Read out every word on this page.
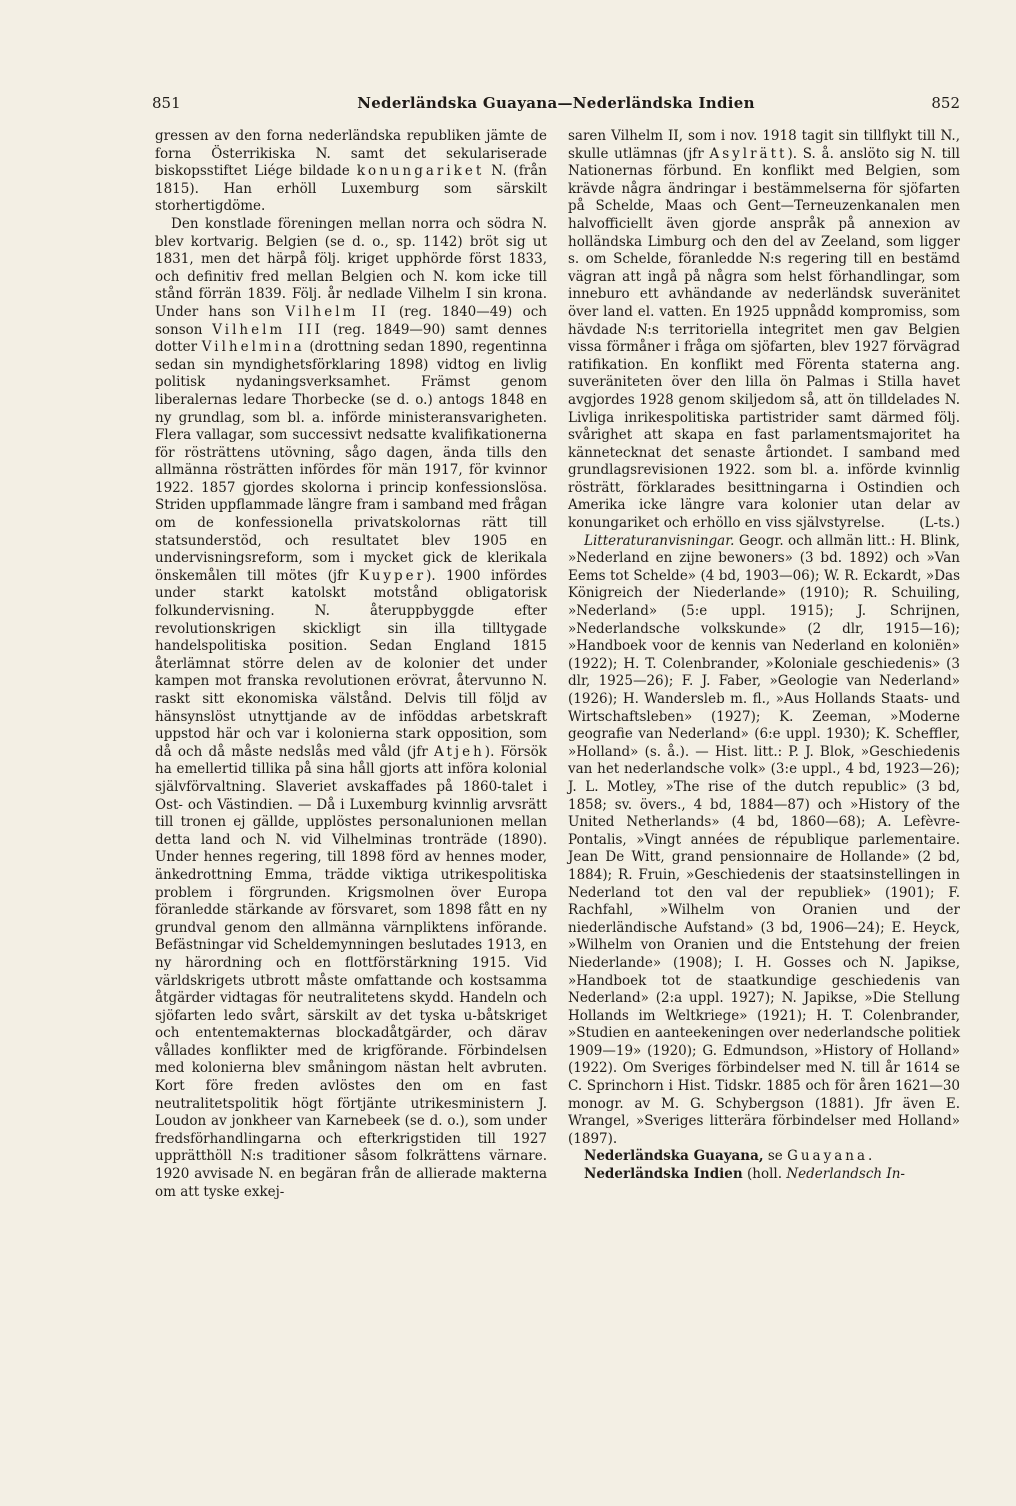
851	Nederländska Guayana—Nederländska Indien	852

gressen av den forna nederländska republiken jämte de forna Österrikiska N. samt det sekulariserade biskopsstiftet Liége bildade konungariket N. (från 1815). Han erhöll Luxemburg som särskilt storhertigdöme.

Den konstlade föreningen mellan norra och södra N. blev kortvarig. Belgien (se d. o., sp. 1142) bröt sig ut 1831, men det härpå följ. kriget upphörde först 1833, och definitiv fred mellan Belgien och N. kom icke till stånd förrän 1839. Följ. år nedlade Vilhelm I sin krona. Under hans son Vilhelm II (reg. 1840—49) och sonson Vilhelm III (reg. 1849—90) samt dennes dotter Vilhelmina (drottning sedan 1890, regentinna sedan sin myndighetsförklaring 1898) vidtog en livlig politisk nydaningsverksamhet. Främst genom liberalernas ledare Thorbecke (se d. o.) antogs 1848 en ny grundlag, som bl. a. införde ministeransvarigheten. Flera vallagar, som successivt nedsatte kvalifikationerna för rösträttens utövning, sågo dagen, ända tills den allmänna rösträtten infördes för män 1917, för kvinnor 1922. 1857 gjordes skolorna i princip konfessionslösa. Striden uppflammade längre fram i samband med frågan om de konfessionella privatskolornas rätt till statsunderstöd, och resultatet blev 1905 en undervisningsreform, som i mycket gick de klerikala önskemålen till mötes (jfr Kuyper). 1900 infördes under starkt katolskt motstånd obligatorisk folkundervisning. N. återuppbyggde efter revolutionskrigen skickligt sin illa tilltygade handelspolitiska position. Sedan England 1815 återlämnat större delen av de kolonier det under kampen mot franska revolutionen erövrat, återvunno N. raskt sitt ekonomiska välstånd. Delvis till följd av hänsynslöst utnyttjande av de inföddas arbetskraft uppstod här och var i kolonierna stark opposition, som då och då måste nedslås med våld (jfr Atjeh). Försök ha emellertid tillika på sina håll gjorts att införa kolonial självförvaltning. Slaveriet avskaffades på 1860-talet i Ost- och Västindien. — Då i Luxemburg kvinnlig arvsrätt till tronen ej gällde, upplöstes personalunionen mellan detta land och N. vid Vilhelminas tronträde (1890). Under hennes regering, till 1898 förd av hennes moder, änkedrottning Emma, trädde viktiga utrikespolitiska problem i förgrunden. Krigsmolnen över Europa föranledde stärkande av försvaret, som 1898 fått en ny grundval genom den allmänna värnpliktens införande. Befästningar vid Scheldemynningen beslutades 1913, en ny härordning och en flottförstärkning 1915. Vid världskrigets utbrott måste omfattande och kostsamma åtgärder vidtagas för neutralitetens skydd. Handeln och sjöfarten ledo svårt, särskilt av det tyska u-båtskriget och ententemakternas blockadåtgärder, och därav vållades konflikter med de krigförande. Förbindelsen med kolonierna blev småningom nästan helt avbruten. Kort före freden avlöstes den om en fast neutralitetspolitik högt förtjänte utrikesministern J. Loudon av jonkheer van Karnebeek (se d. o.), som under fredsförhandlingarna och efterkrigstiden till 1927 upprätthöll N:s traditioner såsom folkrättens värnare. 1920 avvisade N. en begäran från de allierade makterna om att tyske exkej-

saren Vilhelm II, som i nov. 1918 tagit sin tillflykt till N., skulle utlämnas (jfr Asylrätt). S. å. anslöto sig N. till Nationernas förbund. En konflikt med Belgien, som krävde några ändringar i bestämmelserna för sjöfarten på Schelde, Maas och Gent—Terneuzenkanalen men halvofficiellt även gjorde anspråk på annexion av holländska Limburg och den del av Zeeland, som ligger s. om Schelde, föranledde N:s regering till en bestämd vägran att ingå på några som helst förhandlingar, som inneburo ett avhändande av nederländsk suveränitet över land el. vatten. En 1925 uppnådd kompromiss, som hävdade N:s territoriella integritet men gav Belgien vissa förmåner i fråga om sjöfarten, blev 1927 förvägrad ratifikation. En konflikt med Förenta staterna ang. suveräniteten över den lilla ön Palmas i Stilla havet avgjordes 1928 genom skiljedom så, att ön tilldelades N. Livliga inrikespolitiska partistrider samt därmed följ. svårighet att skapa en fast parlamentsmajoritet ha kännetecknat det senaste årtiondet. I samband med grundlagsrevisionen 1922. som bl. a. införde kvinnlig rösträtt, förklarades besittningarna i Ostindien och Amerika icke längre vara kolonier utan delar av konungariket och erhöllo en viss självstyrelse.	(L-ts.)

Litteraturanvisningar. Geogr. och allmän litt.: H. Blink, »Nederland en zijne bewoners» (3 bd. 1892) och »Van Eems tot Schelde» (4 bd, 1903—06); W. R. Eckardt, »Das Königreich der Niederlande» (1910); R. Schuiling, »Nederland» (5:e uppl. 1915); J. Schrijnen, »Nederlandsche volkskunde» (2 dlr, 1915—16); »Handboek voor de kennis van Nederland en koloniën» (1922); H. T. Colenbrander, »Koloniale geschiedenis» (3 dlr, 1925—26); F. J. Faber, »Geologie van Nederland» (1926); H. Wandersleb m. fl., »Aus Hollands Staats- und Wirtschaftsleben» (1927); K. Zeeman, »Moderne geografie van Nederland» (6:e uppl. 1930); K. Scheffler, »Holland» (s. å.). — Hist. litt.: P. J. Blok, »Geschiedenis van het nederlandsche volk» (3:e uppl., 4 bd, 1923—26); J. L. Motley, »The rise of the dutch republic» (3 bd, 1858; sv. övers., 4 bd, 1884—87) och »History of the United Netherlands» (4 bd, 1860—68); A. Lefèvre-Pontalis, »Vingt années de république parlementaire. Jean De Witt, grand pensionnaire de Hollande» (2 bd, 1884); R. Fruin, »Geschiedenis der staatsinstellingen in Nederland tot den val der republiek» (1901); F. Rachfahl, »Wilhelm von Oranien und der niederländische Aufstand» (3 bd, 1906—24); E. Heyck, »Wilhelm von Oranien und die Entstehung der freien Niederlande» (1908); I. H. Gosses och N. Japikse, »Handboek tot de staatkundige geschiedenis van Nederland» (2:a uppl. 1927); N. Japikse, »Die Stellung Hollands im Weltkriege» (1921); H. T. Colenbrander, »Studien en aanteekeningen over nederlandsche politiek 1909—19» (1920); G. Edmundson, »History of Holland» (1922). Om Sveriges förbindelser med N. till år 1614 se C. Sprinchorn i Hist. Tidskr. 1885 och för åren 1621—30 monogr. av M. G. Schybergson (1881). Jfr även E. Wrangel, »Sveriges litterära förbindelser med Holland» (1897).

Nederländska Guayana, se Guayana.

Nederländska Indien (holl. Nederlandsch In-
